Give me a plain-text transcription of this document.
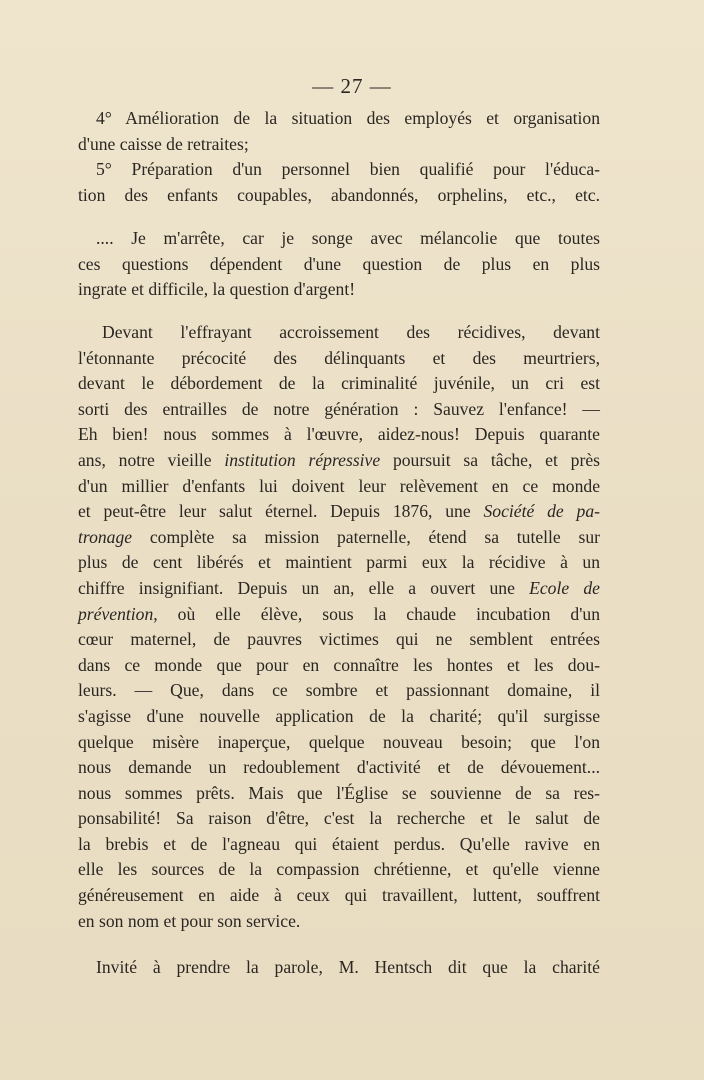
— 27 —
4° Amélioration de la situation des employés et organisation
d'une caisse de retraites;
5° Préparation d'un personnel bien qualifié pour l'éduca-
tion des enfants coupables, abandonnés, orphelins, etc., etc.
.... Je m'arrête, car je songe avec mélancolie que toutes
ces questions dépendent d'une question de plus en plus
ingrate et difficile, la question d'argent!
Devant l'effrayant accroissement des récidives, devant
l'étonnante précocité des délinquants et des meurtriers,
devant le débordement de la criminalité juvénile, un cri est
sorti des entrailles de notre génération : Sauvez l'enfance! —
Eh bien! nous sommes à l'œuvre, aidez-nous! Depuis quarante
ans, notre vieille institution répressive poursuit sa tâche, et près
d'un millier d'enfants lui doivent leur relèvement en ce monde
et peut-être leur salut éternel. Depuis 1876, une Société de pa-
tronage complète sa mission paternelle, étend sa tutelle sur
plus de cent libérés et maintient parmi eux la récidive à un
chiffre insignifiant. Depuis un an, elle a ouvert une Ecole de
prévention, où elle élève, sous la chaude incubation d'un
cœur maternel, de pauvres victimes qui ne semblent entrées
dans ce monde que pour en connaître les hontes et les dou-
leurs. — Que, dans ce sombre et passionnant domaine, il
s'agisse d'une nouvelle application de la charité; qu'il surgisse
quelque misère inaperçue, quelque nouveau besoin; que l'on
nous demande un redoublement d'activité et de dévouement...
nous sommes prêts. Mais que l'Église se souvienne de sa res-
ponsabilité! Sa raison d'être, c'est la recherche et le salut de
la brebis et de l'agneau qui étaient perdus. Qu'elle ravive en
elle les sources de la compassion chrétienne, et qu'elle vienne
généreusement en aide à ceux qui travaillent, luttent, souffrent
en son nom et pour son service.
Invité à prendre la parole, M. Hentsch dit que la charité
